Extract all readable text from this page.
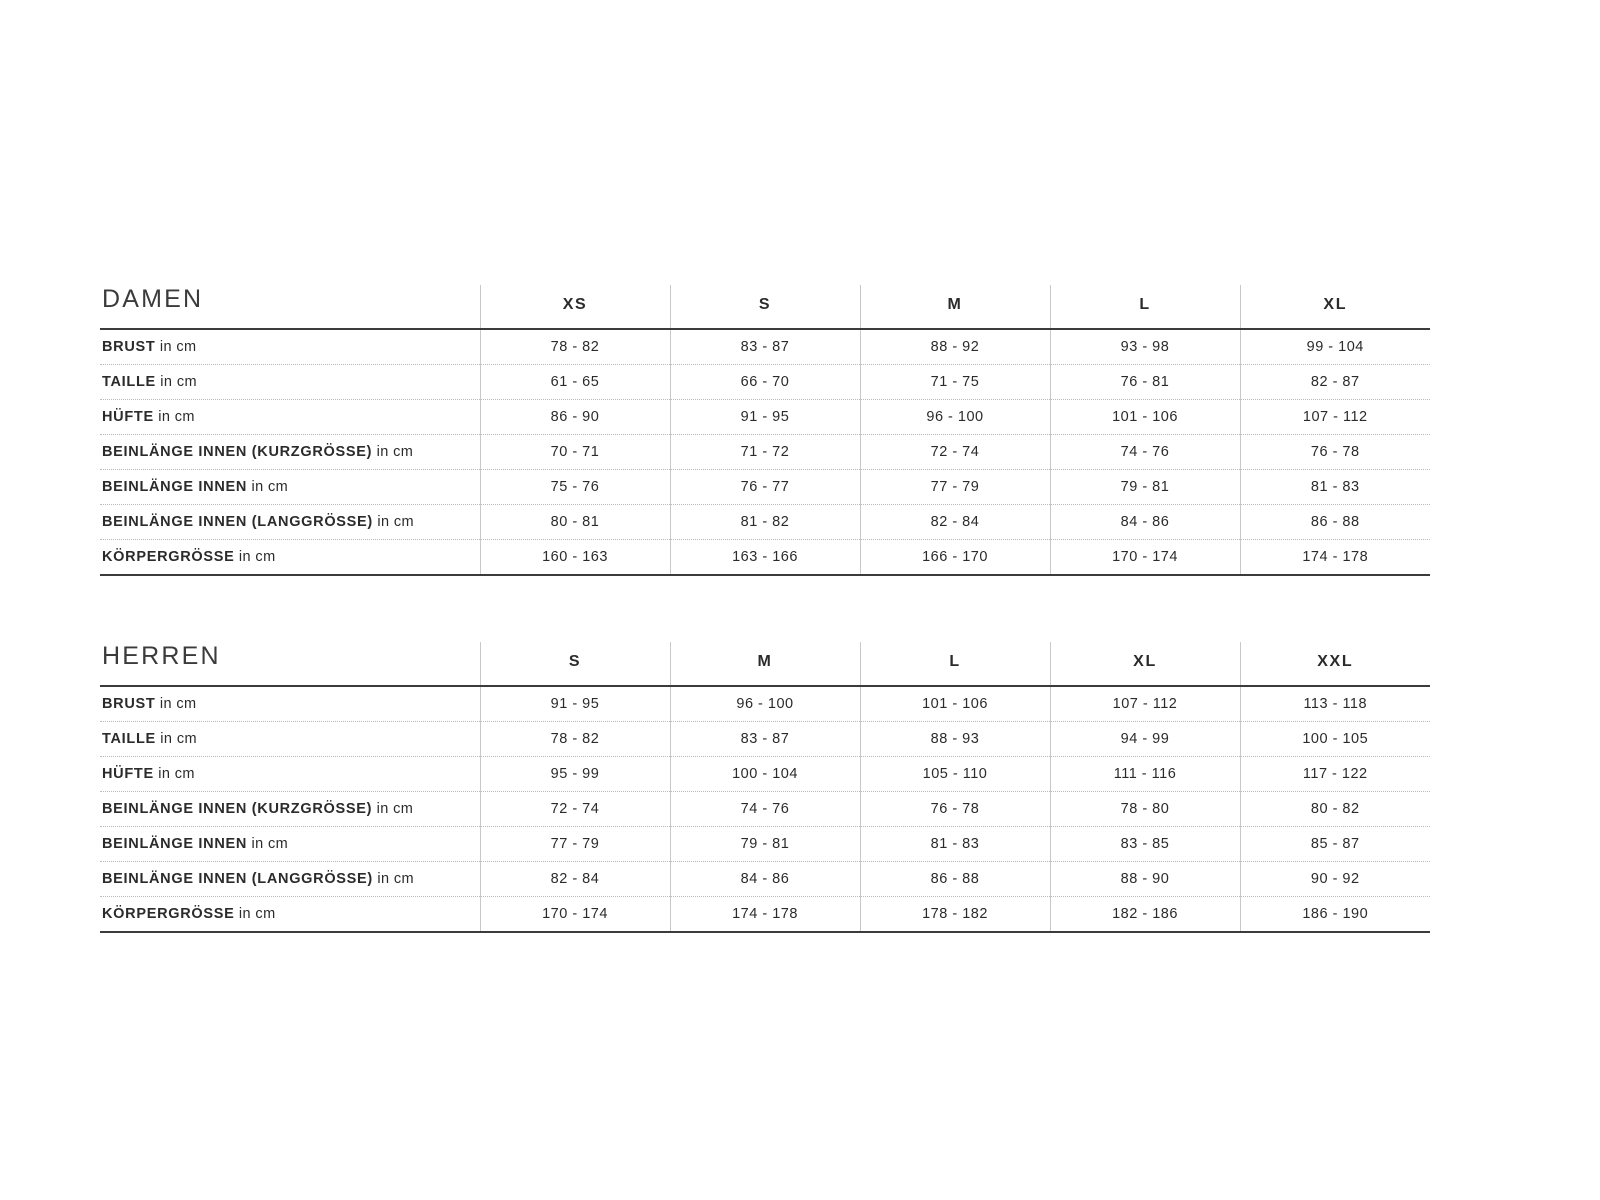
DAMEN	XS	S	M	L	XL
BRUST in cm	78 - 82	83 - 87	88 - 92	93 - 98	99 - 104
TAILLE in cm	61 - 65	66 - 70	71 - 75	76 - 81	82 - 87
HÜFTE in cm	86 - 90	91 - 95	96 - 100	101 - 106	107 - 112
BEINLÄNGE INNEN (KURZGRÖSSE) in cm	70 - 71	71 - 72	72 - 74	74 - 76	76 - 78
BEINLÄNGE INNEN in cm	75 - 76	76 - 77	77 - 79	79 - 81	81 - 83
BEINLÄNGE INNEN (LANGGRÖSSE) in cm	80 - 81	81 - 82	82 - 84	84 - 86	86 - 88
KÖRPERGRÖSSE in cm	160 - 163	163 - 166	166 - 170	170 - 174	174 - 178
HERREN	S	M	L	XL	XXL
BRUST in cm	91 - 95	96 - 100	101 - 106	107 - 112	113 - 118
TAILLE in cm	78 - 82	83 - 87	88 - 93	94 - 99	100 - 105
HÜFTE in cm	95 - 99	100 - 104	105 - 110	111 - 116	117 - 122
BEINLÄNGE INNEN (KURZGRÖSSE) in cm	72 - 74	74 - 76	76 - 78	78 - 80	80 - 82
BEINLÄNGE INNEN in cm	77 - 79	79 - 81	81 - 83	83 - 85	85 - 87
BEINLÄNGE INNEN (LANGGRÖSSE) in cm	82 - 84	84 - 86	86 - 88	88 - 90	90 - 92
KÖRPERGRÖSSE in cm	170 - 174	174 - 178	178 - 182	182 - 186	186 - 190
